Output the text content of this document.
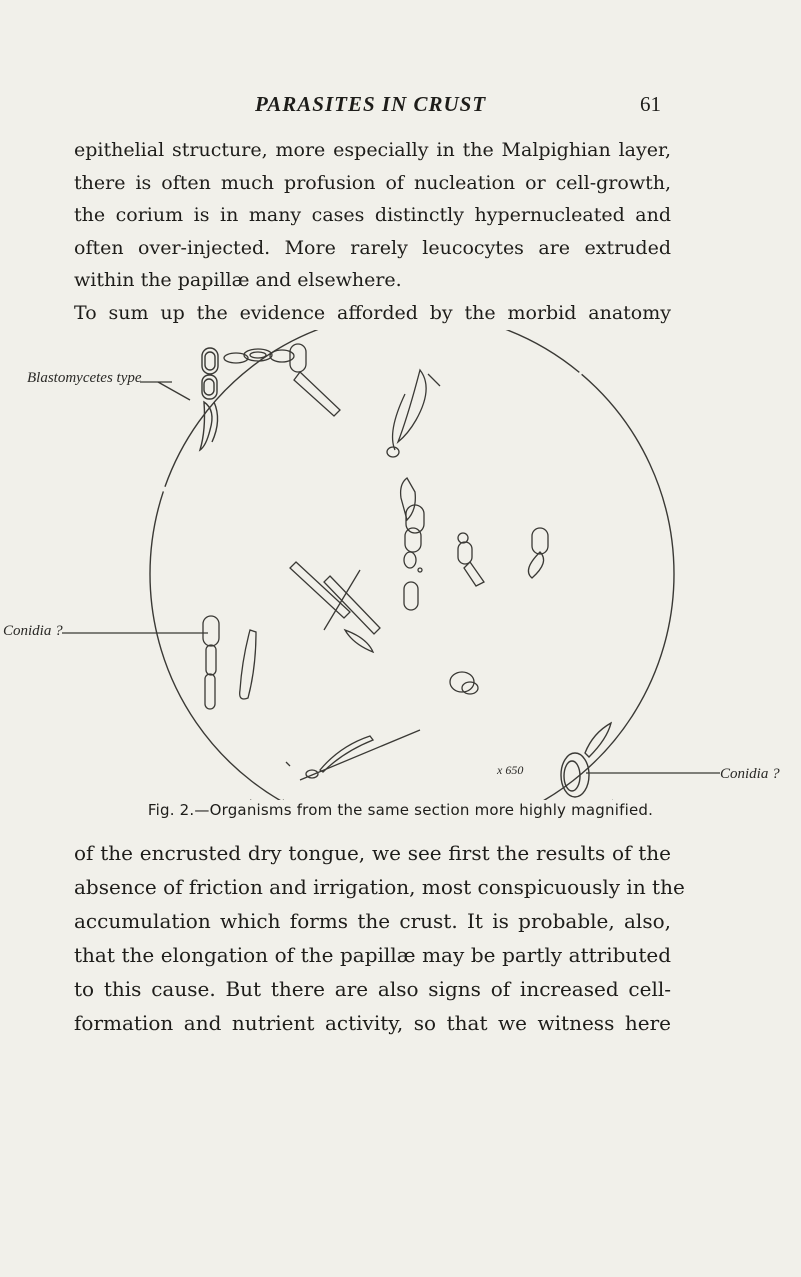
PARASITES IN CRUST	61
epithelial structure, more especially in the Malpighian layer,
there is often much profusion of nucleation or cell-growth,
the corium is in many cases distinctly hypernucleated and
often over-injected. More rarely leucocytes are extruded
within the papillæ and elsewhere.
To sum up the evidence afforded by the morbid anatomy
Blastomycetes type
Conidia ?
Conidia ?
x 650
Fig. 2.—Organisms from the same section more highly magnified.
of the encrusted dry tongue, we see first the results of the
absence of friction and irrigation, most conspicuously in the
accumulation which forms the crust. It is probable, also,
that the elongation of the papillæ may be partly attributed
to this cause. But there are also signs of increased cell-
formation and nutrient activity, so that we witness here
